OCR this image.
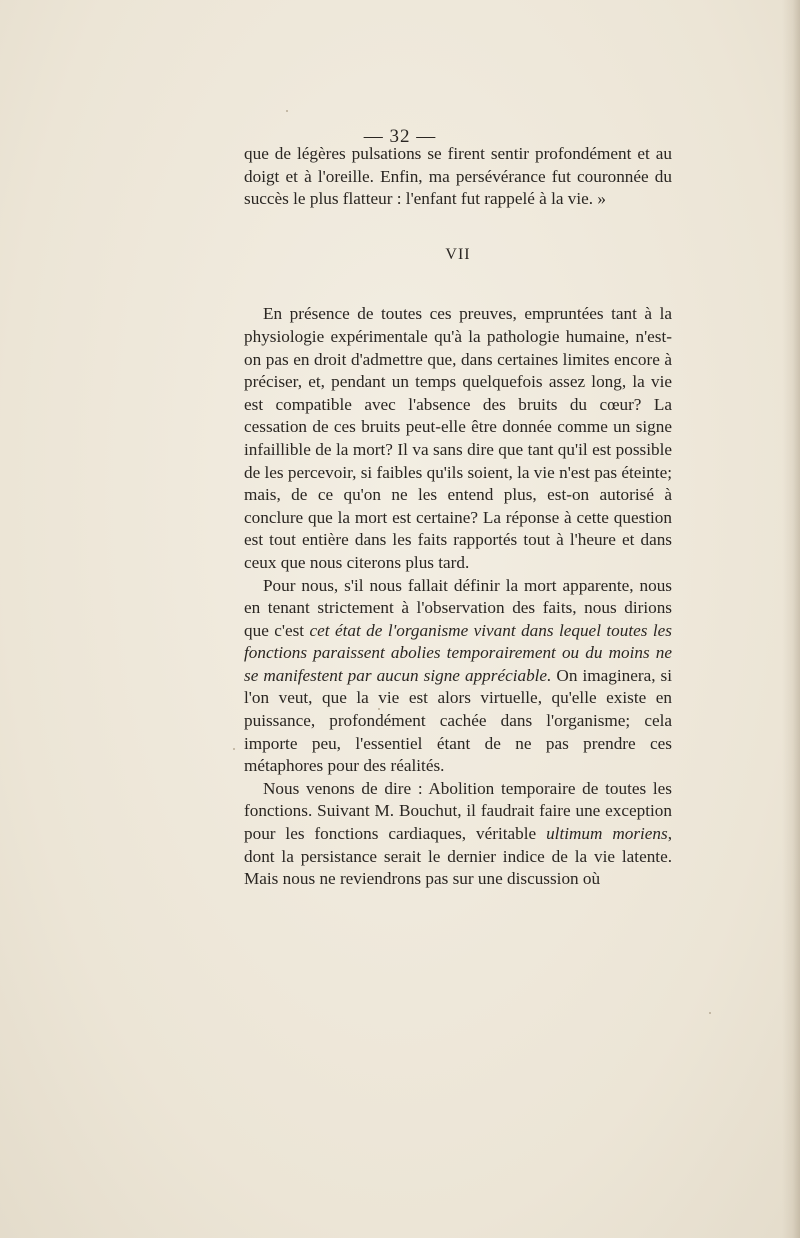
— 32 —

que de légères pulsations se firent sentir profondément et au doigt et à l'oreille. Enfin, ma persévérance fut couronnée du succès le plus flatteur : l'enfant fut rappelé à la vie. »

VII

En présence de toutes ces preuves, empruntées tant à la physiologie expérimentale qu'à la pathologie humaine, n'est-on pas en droit d'admettre que, dans certaines limites encore à préciser, et, pendant un temps quelquefois assez long, la vie est compatible avec l'absence des bruits du cœur? La cessation de ces bruits peut-elle être donnée comme un signe infaillible de la mort? Il va sans dire que tant qu'il est possible de les percevoir, si faibles qu'ils soient, la vie n'est pas éteinte; mais, de ce qu'on ne les entend plus, est-on autorisé à conclure que la mort est certaine? La réponse à cette question est tout entière dans les faits rapportés tout à l'heure et dans ceux que nous citerons plus tard.

Pour nous, s'il nous fallait définir la mort apparente, nous en tenant strictement à l'observation des faits, nous dirions que c'est cet état de l'organisme vivant dans lequel toutes les fonctions paraissent abolies temporairement ou du moins ne se manifestent par aucun signe appréciable. On imaginera, si l'on veut, que la vie est alors virtuelle, qu'elle existe en puissance, profondément cachée dans l'organisme; cela importe peu, l'essentiel étant de ne pas prendre ces métaphores pour des réalités.

Nous venons de dire : Abolition temporaire de toutes les fonctions. Suivant M. Bouchut, il faudrait faire une exception pour les fonctions cardiaques, véritable ultimum moriens, dont la persistance serait le dernier indice de la vie latente. Mais nous ne reviendrons pas sur une discussion où
